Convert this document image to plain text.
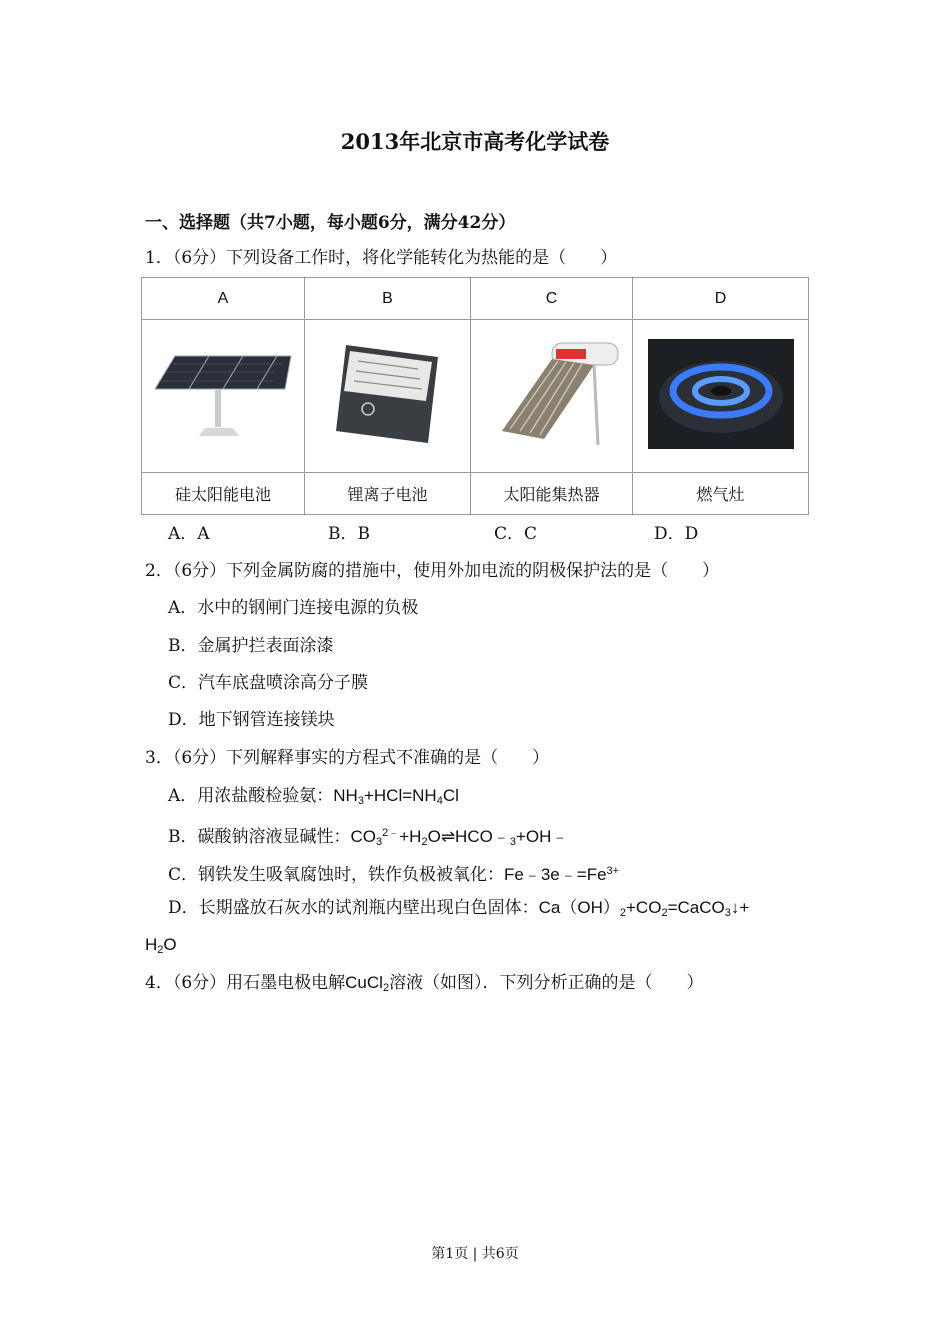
2013年北京市高考化学试卷
一、选择题（共7小题，每小题6分，满分42分）
1．（6分）下列设备工作时，将化学能转化为热能的是（　　）
A	B	C	D

硅太阳能电池	锂离子电池	太阳能集热器	燃气灶
A．A	B．B	C．C	D．D
2．（6分）下列金属防腐的措施中，使用外加电流的阴极保护法的是（　　）
A．水中的钢闸门连接电源的负极
B．金属护拦表面涂漆
C．汽车底盘喷涂高分子膜
D．地下钢管连接镁块
3．（6分）下列解释事实的方程式不准确的是（　　）
A．用浓盐酸检验氨：$NH_3+HCl=NH_4Cl$
B．碳酸钠溶液显碱性：$CO_3^{2﹣}+H_2O\rightleftharpoons HCO﹣_3+OH﹣$
C．钢铁发生吸氧腐蚀时，铁作负极被氧化：$Fe﹣3e﹣=Fe^{3+}$
D．长期盛放石灰水的试剂瓶内壁出现白色固体：$Ca(OH)_2+CO_2=CaCO_3↓+$
$H_2O$
4．（6分）用石墨电极电解CuCl$_2$溶液（如图）．下列分析正确的是（　　）
第1页 | 共6页
